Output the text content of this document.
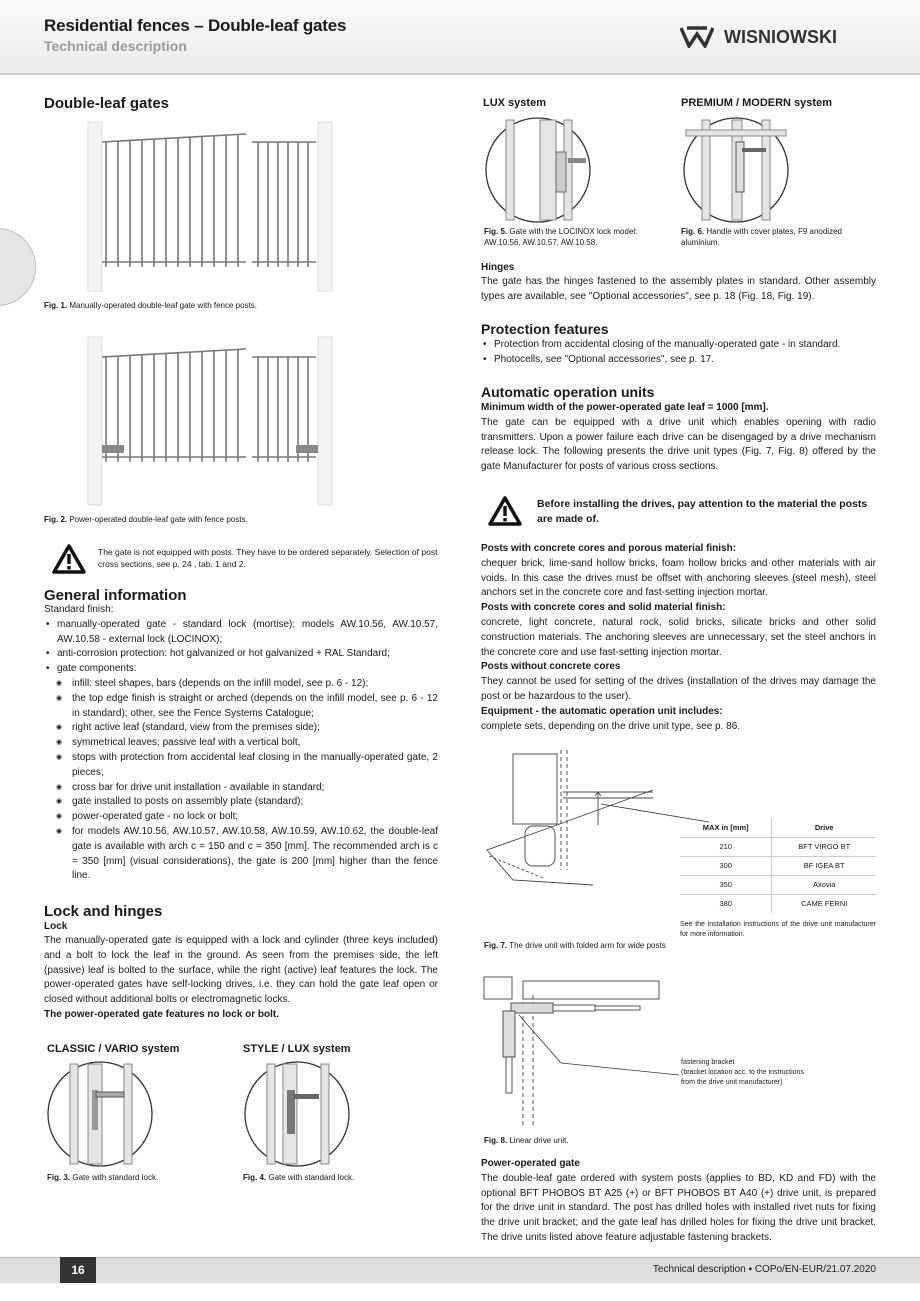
Residential fences – Double-leaf gates
Technical description	WISNIOWSKI
Double-leaf gates
Fig. 1. Manually-operated double-leaf gate with fence posts.
Fig. 2. Power-operated double-leaf gate with fence posts.
The gate is not equipped with posts. They have to be ordered separately. Selection of post cross sections, see p. 24 , tab. 1 and 2.
General information
Standard finish:
• manually-operated gate - standard lock (mortise); models AW.10.56, AW.10.57, AW.10.58 - external lock (LOCINOX);
• anti-corrosion protection: hot galvanized or hot galvanized + RAL Standard;
• gate components:
◉ infill: steel shapes, bars (depends on the infill model, see p. 6 - 12);
◉ the top edge finish is straight or arched (depends on the infill model, see p. 6 - 12 in standard); other, see the Fence Systems Catalogue;
◉ right active leaf (standard, view from the premises side);
◉ symmetrical leaves; passive leaf with a vertical bolt,
◉ stops with protection from accidental leaf closing in the manually-operated gate, 2 pieces;
◉ cross bar for drive unit installation - available in standard;
◉ gate installed to posts on assembly plate (standard);
◉ power-operated gate - no lock or bolt;
◉ for models AW.10.56, AW.10.57, AW.10.58, AW.10.59, AW.10.62, the double-leaf gate is available with arch c = 150 and c = 350 [mm]. The recommended arch is c = 350 [mm] (visual considerations), the gate is 200 [mm] higher than the fence line.
Lock and hinges
Lock
The manually-operated gate is equipped with a lock and cylinder (three keys included) and a bolt to lock the leaf in the ground. As seen from the premises side, the left (passive) leaf is bolted to the surface, while the right (active) leaf features the lock. The power-operated gates have self-locking drives, i.e. they can hold the gate leaf open or closed without additional bolts or electromagnetic locks.
The power-operated gate features no lock or bolt.
CLASSIC / VARIO system	STYLE / LUX system
Fig. 3. Gate with standard lock.	Fig. 4. Gate with standard lock.
LUX system	PREMIUM / MODERN system
Fig. 5. Gate with the LOCINOX lock model: AW.10.56, AW.10.57, AW.10.58.
Fig. 6. Handle with cover plates, F9 anodized aluminium.
Hinges
The gate has the hinges fastened to the assembly plates in standard. Other assembly types are available, see "Optional accessories", see p. 18 (Fig. 18, Fig. 19).
Protection features
• Protection from accidental closing of the manually-operated gate - in standard.
• Photocells, see "Optional accessories", see p. 17.
Automatic operation units
Minimum width of the power-operated gate leaf = 1000 [mm].
The gate can be equipped with a drive unit which enables opening with radio transmitters. Upon a power failure each drive can be disengaged by a drive mechanism release lock. The following presents the drive unit types (Fig. 7, Fig. 8) offered by the gate Manufacturer for posts of various cross sections.
Before installing the drives, pay attention to the material the posts are made of.
Posts with concrete cores and porous material finish:
chequer brick, lime-sand hollow bricks, foam hollow bricks and other materials with air voids. In this case the drives must be offset with anchoring sleeves (steel mesh), steel anchors set in the concrete core and fast-setting injection mortar.
Posts with concrete cores and solid material finish:
concrete, light concrete, natural rock, solid bricks, silicate bricks and other solid construction materials. The anchoring sleeves are unnecessary; set the steel anchors in the concrete core and use fast-setting injection mortar.
Posts without concrete cores
They cannot be used for setting of the drives (installation of the drives may damage the post or be hazardous to the user).
Equipment - the automatic operation unit includes:
complete sets, depending on the drive unit type, see p. 86.
MAX in [mm]	Drive
210	BFT VIRGO BT
300	BF IGEA BT
350	Axovia
380	CAME FERNI
See the installation instructions of the drive unit manufacturer for more information.
Fig. 7. The drive unit with folded arm for wide posts
fastening bracket
(bracket location acc. to the instructions
from the drive unit manufacturer)
Fig. 8. Linear drive unit.
Power-operated gate
The double-leaf gate ordered with system posts (applies to BD, KD and FD) with the optional BFT PHOBOS BT A25 (+) or BFT PHOBOS BT A40 (+) drive unit, is prepared for the drive unit in standard. The post has drilled holes with installed rivet nuts for fixing the drive unit bracket; and the gate leaf has drilled holes for fixing the drive unit bracket. The drive units listed above feature adjustable fastening brackets.
16	Technical description ▪ COPo/EN-EUR/21.07.2020
